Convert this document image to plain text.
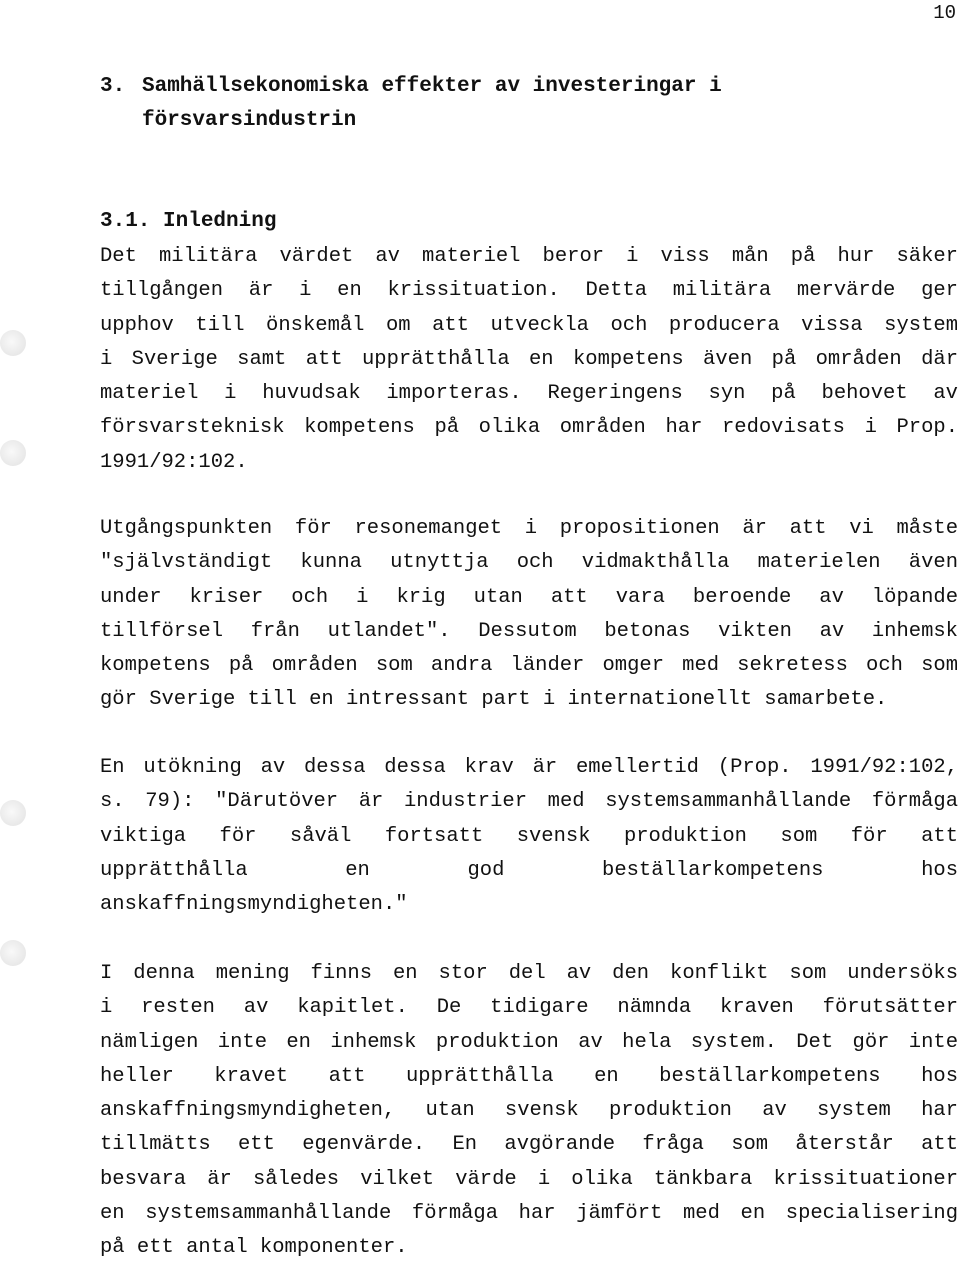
10
3. Samhällsekonomiska effekter av investeringar i
försvarsindustrin
3.1. Inledning
Det militära värdet av materiel beror i viss mån på hur säker
tillgången är i en krissituation. Detta militära mervärde ger
upphov till önskemål om att utveckla och producera vissa system
i Sverige samt att upprätthålla en kompetens även på områden där
materiel i huvudsak importeras. Regeringens syn på behovet av
försvarsteknisk kompetens på olika områden har redovisats i Prop.
1991/92:102.
Utgångspunkten för resonemanget i propositionen är att vi måste
"självständigt kunna utnyttja och vidmakthålla materielen även
under kriser och i krig utan att vara beroende av löpande
tillförsel från utlandet". Dessutom betonas vikten av inhemsk
kompetens på områden som andra länder omger med sekretess och som
gör Sverige till en intressant part i internationellt samarbete.
En utökning av dessa dessa krav är emellertid (Prop. 1991/92:102,
s. 79): "Därutöver är industrier med systemsammanhållande förmåga
viktiga för såväl fortsatt svensk produktion som för att
upprätthålla en god beställarkompetens hos
anskaffningsmyndigheten."
I denna mening finns en stor del av den konflikt som undersöks
i resten av kapitlet. De tidigare nämnda kraven förutsätter
nämligen inte en inhemsk produktion av hela system. Det gör inte
heller kravet att upprätthålla en beställarkompetens hos
anskaffningsmyndigheten, utan svensk produktion av system har
tillmätts ett egenvärde. En avgörande fråga som återstår att
besvara är således vilket värde i olika tänkbara krissituationer
en systemsammanhållande förmåga har jämfört med en specialisering
på ett antal komponenter.
